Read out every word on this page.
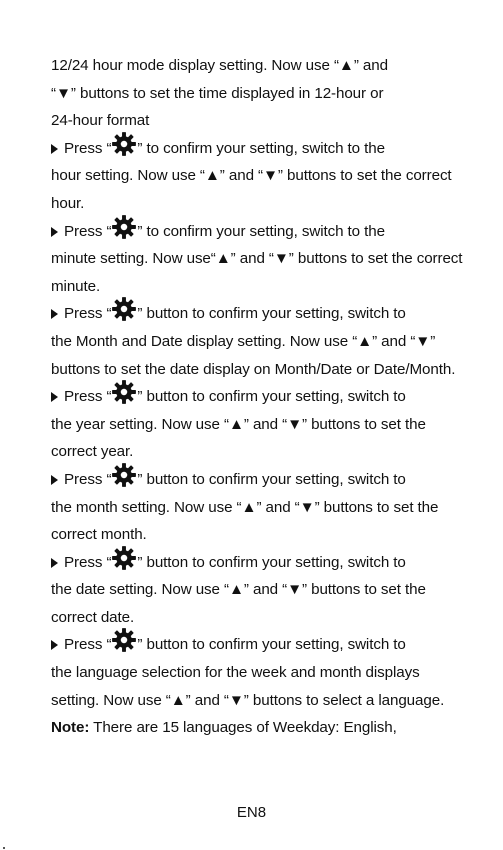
12/24 hour mode display setting. Now use “▲” and
“▼” buttons to set the time displayed in 12-hour or
24-hour format

Press “ ” to confirm your setting, switch to the
hour setting. Now use “▲” and “▼” buttons to set the correct hour.

Press “ ” to confirm your setting, switch to the
minute setting. Now use“▲” and “▼” buttons to set the correct minute.

Press “ ” button to confirm your setting, switch to
the Month and Date display setting. Now use “▲” and “▼” buttons to set the date display on Month/Date or Date/Month.

Press “ ” button to confirm your setting, switch to
the year setting. Now use “▲” and “▼” buttons to set the correct year.

Press “ ” button to confirm your setting, switch to
the month setting. Now use “▲” and “▼” buttons to set the correct month.

Press “ ” button to confirm your setting, switch to
the date setting. Now use “▲” and “▼” buttons to set the correct date.

Press “ ” button to confirm your setting, switch to
the language selection for the week and month displays setting. Now use “▲” and “▼” buttons to select a language.

Note: There are 15 languages of Weekday: English,

EN8
